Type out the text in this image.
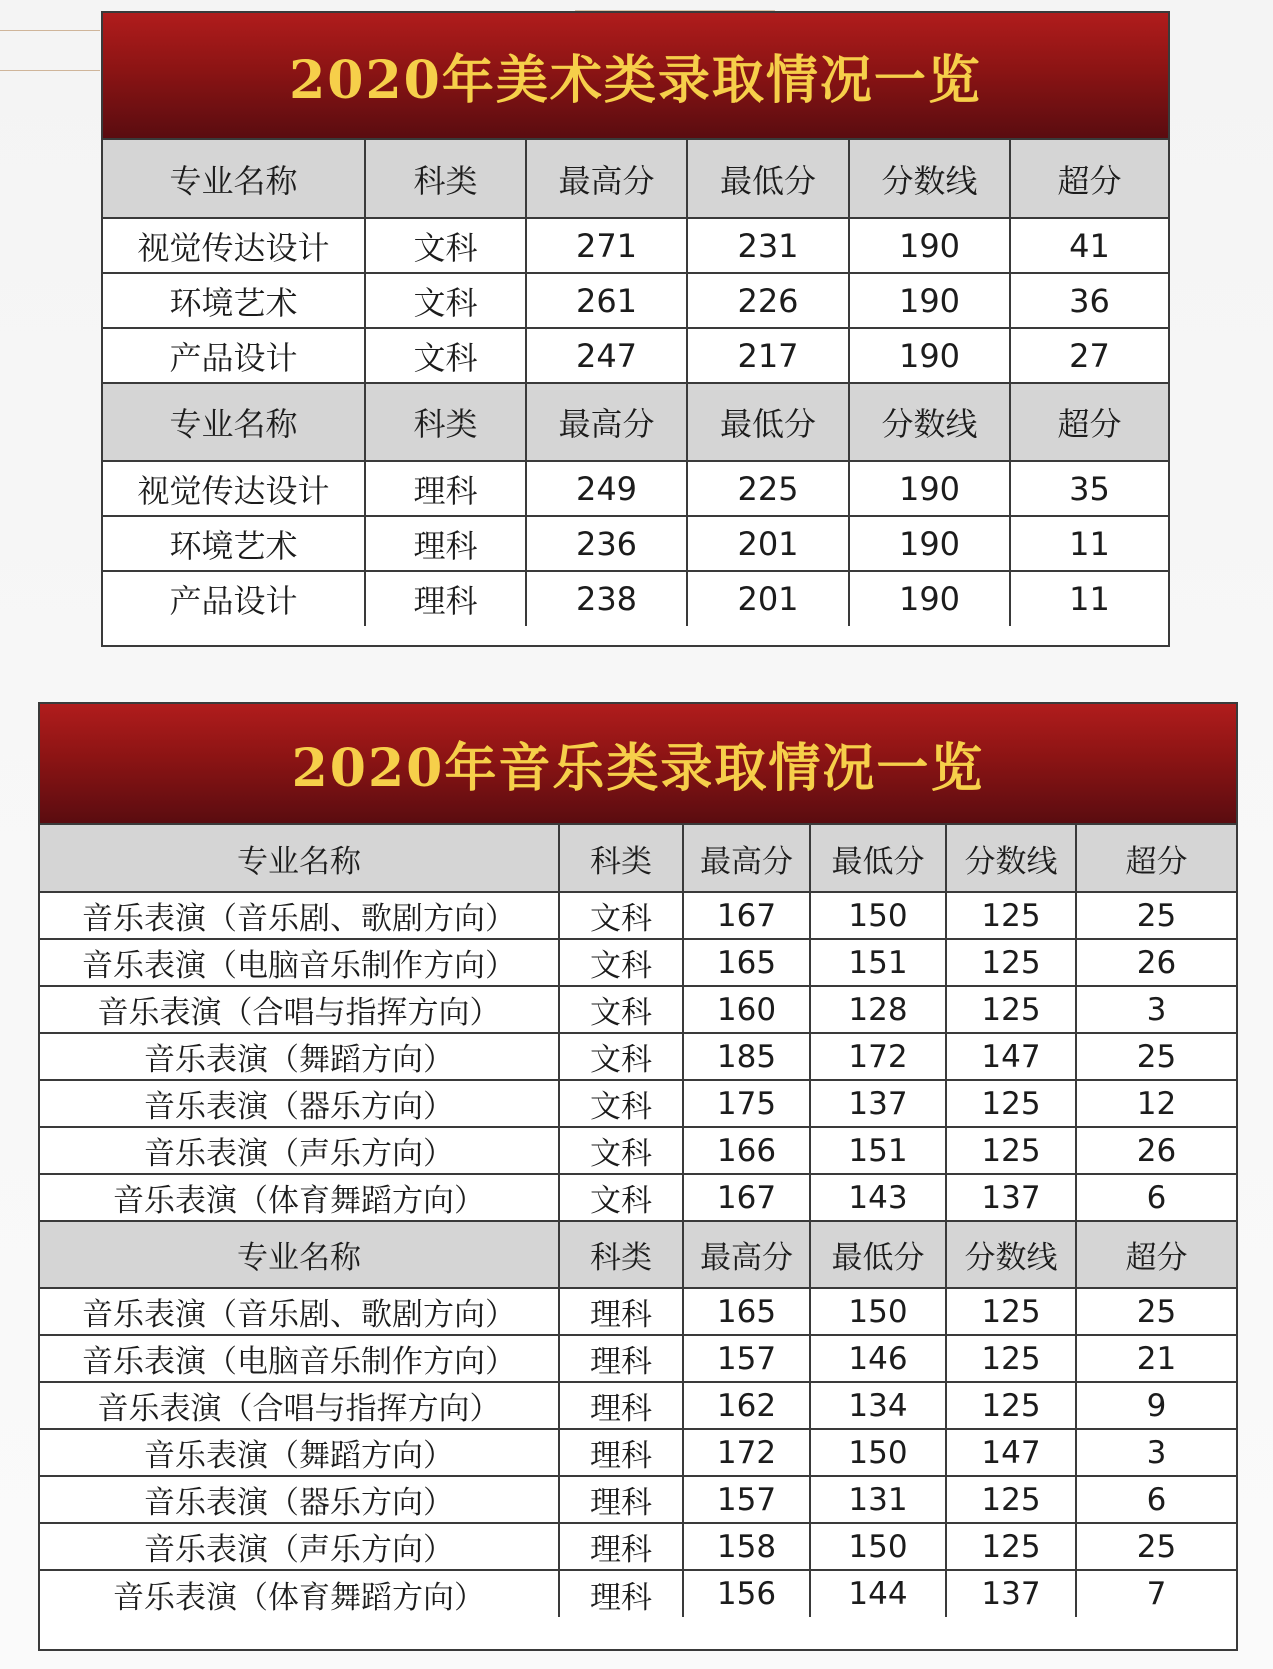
2020年美术类录取情况一览
专业名称	科类	最高分	最低分	分数线	超分
视觉传达设计	文科	271	231	190	41
环境艺术	文科	261	226	190	36
产品设计	文科	247	217	190	27
专业名称	科类	最高分	最低分	分数线	超分
视觉传达设计	理科	249	225	190	35
环境艺术	理科	236	201	190	11
产品设计	理科	238	201	190	11
2020年音乐类录取情况一览
专业名称	科类	最高分	最低分	分数线	超分
音乐表演（音乐剧、歌剧方向）	文科	167	150	125	25
音乐表演（电脑音乐制作方向）	文科	165	151	125	26
音乐表演（合唱与指挥方向）	文科	160	128	125	3
音乐表演（舞蹈方向）	文科	185	172	147	25
音乐表演（器乐方向）	文科	175	137	125	12
音乐表演（声乐方向）	文科	166	151	125	26
音乐表演（体育舞蹈方向）	文科	167	143	137	6
专业名称	科类	最高分	最低分	分数线	超分
音乐表演（音乐剧、歌剧方向）	理科	165	150	125	25
音乐表演（电脑音乐制作方向）	理科	157	146	125	21
音乐表演（合唱与指挥方向）	理科	162	134	125	9
音乐表演（舞蹈方向）	理科	172	150	147	3
音乐表演（器乐方向）	理科	157	131	125	6
音乐表演（声乐方向）	理科	158	150	125	25
音乐表演（体育舞蹈方向）	理科	156	144	137	7
